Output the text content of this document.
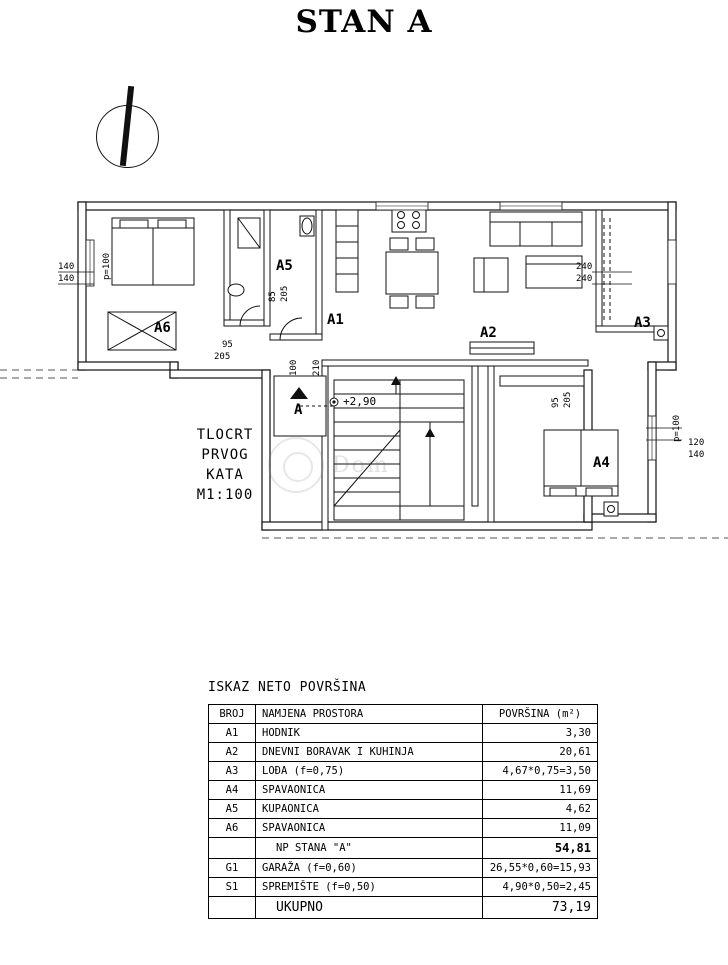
STAN A
A6
A5
A1
A2
A3
A4
A
+2,90
140
140	p=100
85 205
95
205
100 210
240
240
95 205
120
140
p=100
Dom
TLOCRT
PRVOG
KATA
M1:100
ISKAZ NETO POVRŠINA
BROJ	NAMJENA PROSTORA	POVRŠINA (m²)
A1	HODNIK	3,30
A2	DNEVNI BORAVAK I KUHINJA	20,61
A3	LOĐA (f=0,75)	4,67*0,75=3,50
A4	SPAVAONICA	11,69
A5	KUPAONICA	4,62
A6	SPAVAONICA	11,09
	NP STANA "A"	54,81
G1	GARAŽA (f=0,60)	26,55*0,60=15,93
S1	SPREMIŠTE (f=0,50)	4,90*0,50=2,45
	UKUPNO	73,19
